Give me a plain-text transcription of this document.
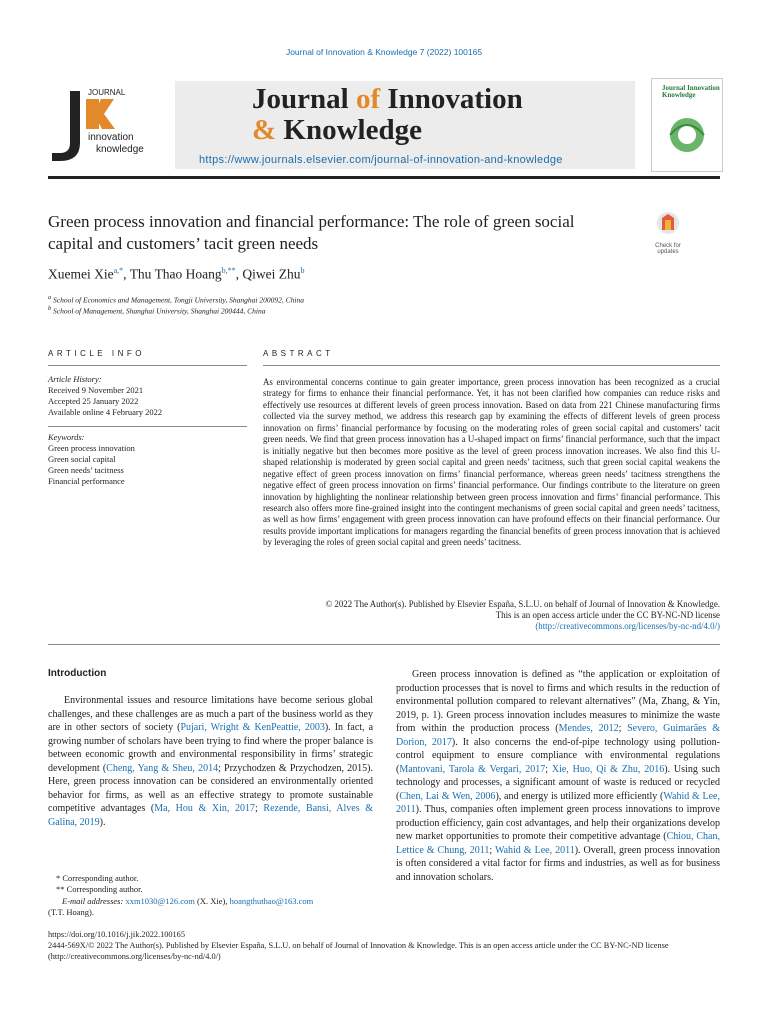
Journal of Innovation & Knowledge 7 (2022) 100165
JOURNAL
innovation
knowledge
Journal of Innovation
& Knowledge
https://www.journals.elsevier.com/journal-of-innovation-and-knowledge
Journal Innovation Knowledge
Green process innovation and financial performance: The role of green social capital and customers’ tacit green needs	Check for updates
Xuemei Xie$^{a,*}$, Thu Thao Hoang$^{b,**}$, Qiwei Zhu$^b$
$^a$ School of Economics and Management, Tongji University, Shanghai 200092, China
$^b$ School of Management, Shanghai University, Shanghai 200444, China
ARTICLE INFO
Article History:
Received 9 November 2021
Accepted 25 January 2022
Available online 4 February 2022
Keywords:
Green process innovation
Green social capital
Green needs’ tacitness
Financial performance
ABSTRACT
As environmental concerns continue to gain greater importance, green process innovation has been recognized as a crucial strategy for firms to enhance their financial performance. Yet, it has not been clarified how companies can reduce risks and effectively use resources at different levels of green process innovation. Based on data from 221 Chinese manufacturing firms collected via the survey method, we address this research gap by examining the effects of different levels of green process innovation on firms’ financial performance by focusing on the moderating roles of green social capital and customers’ tacit green needs. We find that green process innovation has a U-shaped impact on firms’ financial performance, such that the impact is initially negative but then becomes more positive as the level of green process innovation increases. We also find this U-shaped relationship is moderated by green social capital and green needs’ tacitness, such that green social capital weakens the negative effect of green process innovation on firms’ financial performance, whereas green needs’ tacitness strengthens the negative effect of green process innovation on firms’ financial performance. Our findings contribute to the literature on green innovation by highlighting the nonlinear relationship between green process innovation and firms’ financial performance. This research also offers more fine-grained insight into the contingent mechanisms of green social capital and green needs’ tacitness, as well as how firms’ engagement with green process innovation can have profound effects on their financial performance. Our results provide important implications for managers regarding the financial benefits of green process innovation that is achieved by leveraging the roles of green social capital and green needs’ tacitness.
© 2022 The Author(s). Published by Elsevier España, S.L.U. on behalf of Journal of Innovation & Knowledge.
This is an open access article under the CC BY-NC-ND license
(http://creativecommons.org/licenses/by-nc-nd/4.0/)
Introduction

Environmental issues and resource limitations have become serious global challenges, and these challenges are as much a part of the business world as they are in other sectors of society (Pujari, Wright & KenPeattie, 2003). In fact, a growing number of scholars have been trying to find where the proper balance is between economic growth and environmental responsibility in firms’ strategic development (Cheng, Yang & Sheu, 2014; Przychodzen & Przychodzen, 2015). Here, green process innovation can be considered an environmentally oriented behavior for firms, as well as an effective strategy to promote sustainable competitive advantages (Ma, Hou & Xin, 2017; Rezende, Bansi, Alves & Galina, 2019).

Green process innovation is defined as “the application or exploitation of production processes that is novel to firms and which results in the reduction of environmental pollution compared to relevant alternatives” (Ma, Zhang, & Yin, 2019, p. 1). Green process innovation includes measures to minimize the waste from within the production process (Mendes, 2012; Severo, Guimarães & Dorion, 2017). It also concerns the end-of-pipe technology using pollution-control equipment to ensure compliance with environmental regulations (Mantovani, Tarola & Vergari, 2017; Xie, Huo, Qi & Zhu, 2016). Using such technology and processes, a significant amount of waste is reduced or recycled (Chen, Lai & Wen, 2006), and energy is utilized more efficiently (Wahid & Lee, 2011). Thus, companies often implement green process innovations to improve production efficiency, gain cost advantages, and help their organizations develop new market opportunities to promote their competitive advantage (Chiou, Chan, Lettice & Chung, 2011; Wahid & Lee, 2011). Overall, green process innovation is often considered a vital factor for firms and industries, as well as for business and innovation scholars.

* Corresponding author.
** Corresponding author.
E-mail addresses: xxm1030@126.com (X. Xie), hoangthuthao@163.com
(T.T. Hoang).
https://doi.org/10.1016/j.jik.2022.100165
2444-569X/© 2022 The Author(s). Published by Elsevier España, S.L.U. on behalf of Journal of Innovation & Knowledge. This is an open access article under the CC BY-NC-ND license
(http://creativecommons.org/licenses/by-nc-nd/4.0/)
